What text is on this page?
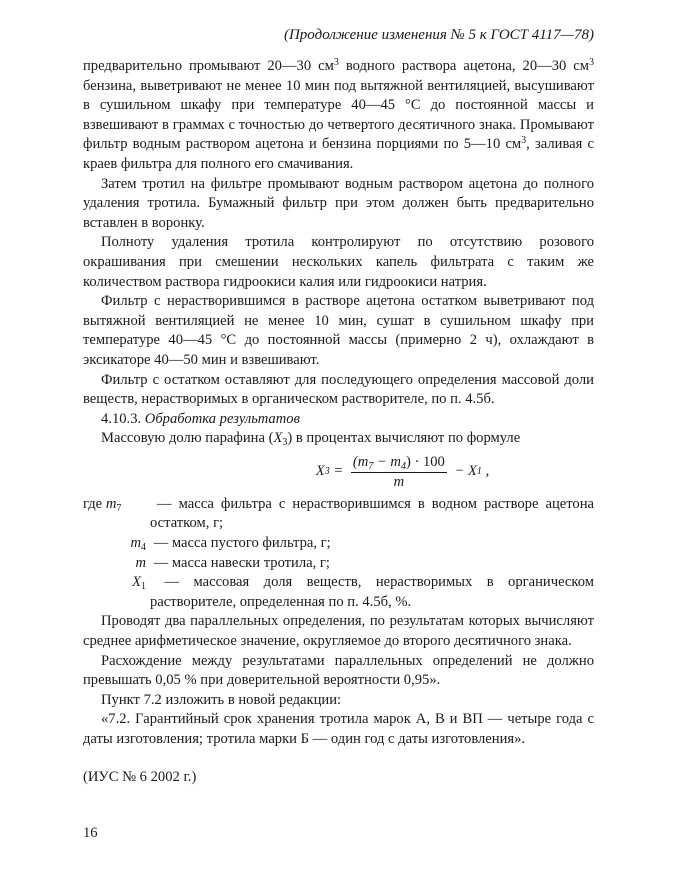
(Продолжение изменения № 5 к ГОСТ 4117—78)

предварительно промывают 20—30 $см^3$ водного раствора ацетона, 20—30 $см^3$ бензина, выветривают не менее 10 мин под вытяжной вентиляцией, высушивают в сушильном шкафу при температуре 40—45 °С до постоянной массы и взвешивают в граммах с точностью до четвертого десятичного знака. Промывают фильтр водным раствором ацетона и бензина порциями по 5—10 $см^3$, заливая с краев фильтра для полного его смачивания.

Затем тротил на фильтре промывают водным раствором ацетона до полного удаления тротила. Бумажный фильтр при этом должен быть предварительно вставлен в воронку.

Полноту удаления тротила контролируют по отсутствию розового окрашивания при смешении нескольких капель фильтрата с таким же количеством раствора гидроокиси калия или гидроокиси натрия.

Фильтр с нерастворившимся в растворе ацетона остатком выветривают под вытяжной вентиляцией не менее 10 мин, сушат в сушильном шкафу при температуре 40—45 °С до постоянной массы (примерно 2 ч), охлаждают в эксикаторе 40—50 мин и взвешивают.

Фильтр с остатком оставляют для последующего определения массовой доли веществ, нерастворимых в органическом растворителе, по п. 4.5б.

4.10.3. Обработка результатов

Массовую долю парафина $(X_3)$ в процентах вычисляют по формуле

X $3 = \frac{(m_7 - m_4) \cdot 100}{m} - X$ 1 ,
где $m_7$	— масса фильтра с нерастворившимся в водном растворе ацетона остатком, г;
$m_4$ — масса пустого фильтра, г;
m — масса навески тротила, г;
$X_1$ — массовая доля веществ, нерастворимых в органическом растворителе, определенная по п. 4.5б, %.

Проводят два параллельных определения, по результатам которых вычисляют среднее арифметическое значение, округляемое до второго десятичного знака.

Расхождение между результатами параллельных определений не должно превышать 0,05 % при доверительной вероятности 0,95».

Пункт 7.2 изложить в новой редакции:

«7.2. Гарантийный срок хранения тротила марок А, В и ВП — четыре года с даты изготовления; тротила марки Б — один год с даты изготовления».

(ИУС № 6 2002 г.)

16
